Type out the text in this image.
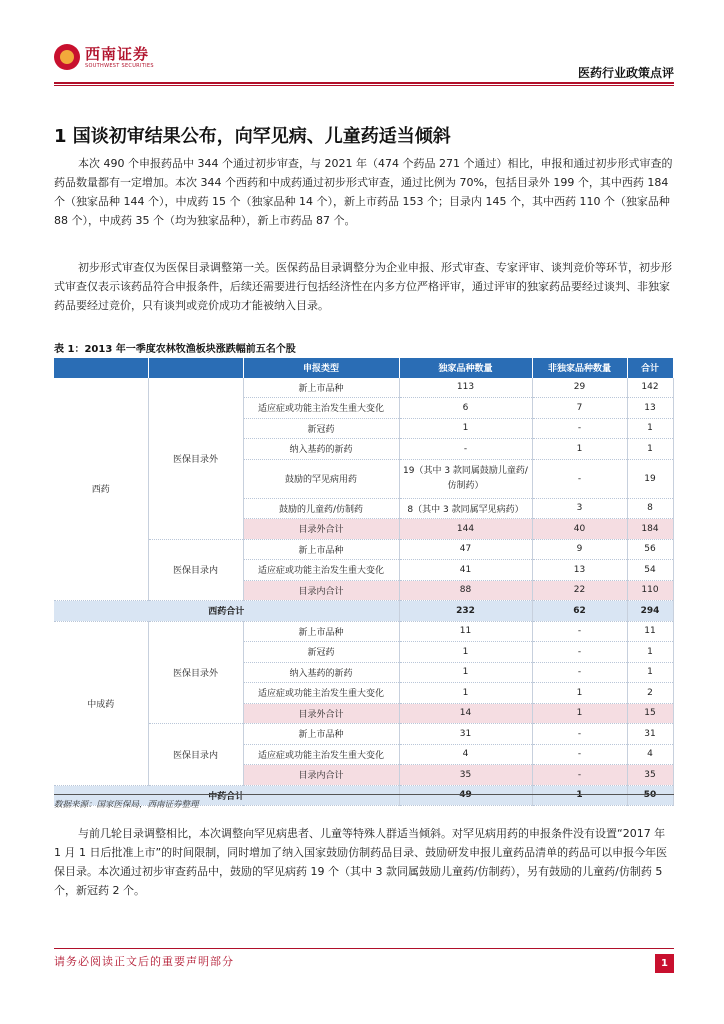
西南证券
SOUTHWEST SECURITIES	医药行业政策点评
1 国谈初审结果公布，向罕见病、儿童药适当倾斜

本次 490 个申报药品中 344 个通过初步审查，与 2021 年（474 个药品 271 个通过）相比，申报和通过初步形式审查的药品数量都有一定增加。本次 344 个西药和中成药通过初步形式审查，通过比例为 70%，包括目录外 199 个，其中西药 184 个（独家品种 144 个），中成药 15 个（独家品种 14 个），新上市药品 153 个；目录内 145 个，其中西药 110 个（独家品种 88 个），中成药 35 个（均为独家品种），新上市药品 87 个。

初步形式审查仅为医保目录调整第一关。医保药品目录调整分为企业申报、形式审查、专家评审、谈判竞价等环节，初步形式审查仅表示该药品符合申报条件，后续还需要进行包括经济性在内多方位严格评审，通过评审的独家药品要经过谈判、非独家药品要经过竞价，只有谈判或竞价成功才能被纳入目录。

表 1：2013 年一季度农林牧渔板块涨跌幅前五名个股
		申报类型	独家品种数量	非独家品种数量	合计
西药	医保目录外	新上市品种	113	29	142
		适应症或功能主治发生重大变化	6	7	13
		新冠药	1	-	1
		纳入基药的新药	-	1	1
		鼓励的罕见病用药	19（其中 3 款同属鼓励儿童药/仿制药）	-	19
		鼓励的儿童药/仿制药	8（其中 3 款同属罕见病药）	3	8
		目录外合计	144	40	184
	医保目录内	新上市品种	47	9	56
		适应症或功能主治发生重大变化	41	13	54
		目录内合计	88	22	110
西药合计			232	62	294
中成药	医保目录外	新上市品种	11	-	11
		新冠药	1	-	1
		纳入基药的新药	1	-	1
		适应症或功能主治发生重大变化	1	1	2
		目录外合计	14	1	15
	医保目录内	新上市品种	31	-	31
		适应症或功能主治发生重大变化	4	-	4
		目录内合计	35	-	35
中药合计			49	1	50
数据来源：国家医保局，西南证券整理

与前几轮目录调整相比，本次调整向罕见病患者、儿童等特殊人群适当倾斜。对罕见病用药的申报条件没有设置“2017 年 1 月 1 日后批准上市”的时间限制，同时增加了纳入国家鼓励仿制药品目录、鼓励研发申报儿童药品清单的药品可以申报今年医保目录。本次通过初步审查药品中，鼓励的罕见病药 19 个（其中 3 款同属鼓励儿童药/仿制药），另有鼓励的儿童药/仿制药 5 个，新冠药 2 个。

请务必阅读正文后的重要声明部分	1
